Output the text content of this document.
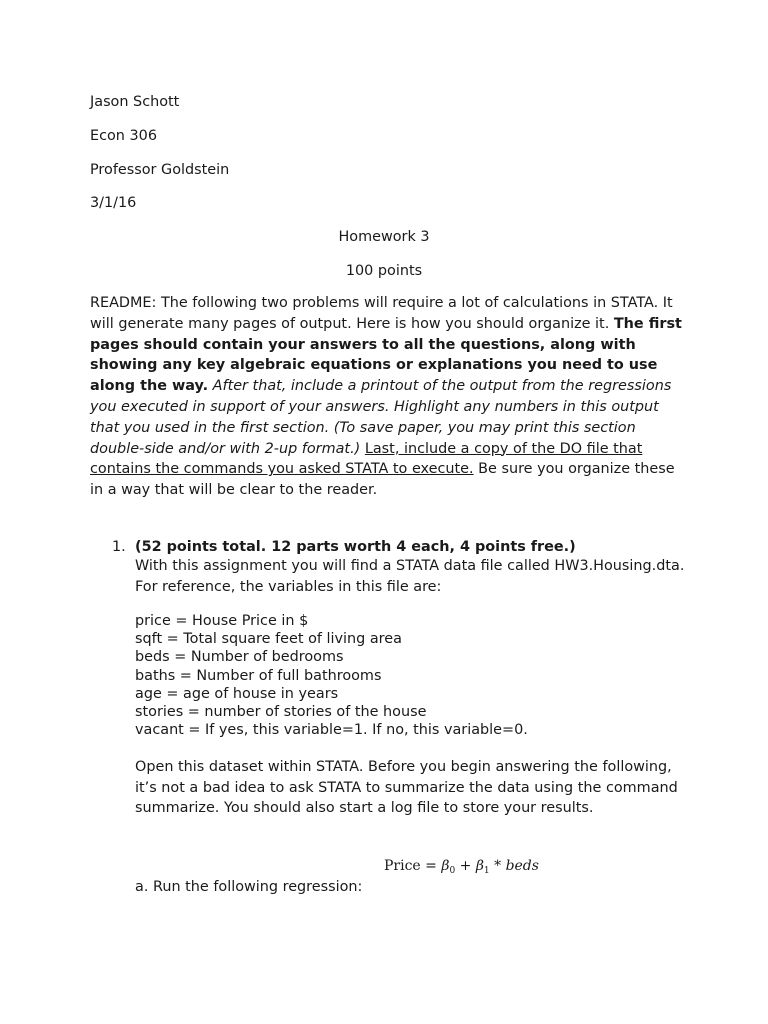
Jason Schott
Econ 306
Professor Goldstein
3/1/16
Homework 3
100 points
README: The following two problems will require a lot of calculations in STATA. It will generate many pages of output. Here is how you should organize it. The first pages should contain your answers to all the questions, along with showing any key algebraic equations or explanations you need to use along the way. After that, include a printout of the output from the regressions you executed in support of your answers. Highlight any numbers in this output that you used in the first section. (To save paper, you may print this section double-side and/or with 2-up format.) Last, include a copy of the DO file that contains the commands you asked STATA to execute. Be sure you organize these in a way that will be clear to the reader.
1. (52 points total. 12 parts worth 4 each, 4 points free.)
With this assignment you will find a STATA data file called HW3.Housing.dta. For reference, the variables in this file are:
price = House Price in $
sqft = Total square feet of living area
beds = Number of bedrooms
baths = Number of full bathrooms
age = age of house in years
stories = number of stories of the house
vacant = If yes, this variable=1. If no, this variable=0.
Open this dataset within STATA. Before you begin answering the following, it’s not a bad idea to ask STATA to summarize the data using the command summarize. You should also start a log file to store your results.
Price = $\beta_0 + \beta_1$ * beds
a. Run the following regression:
